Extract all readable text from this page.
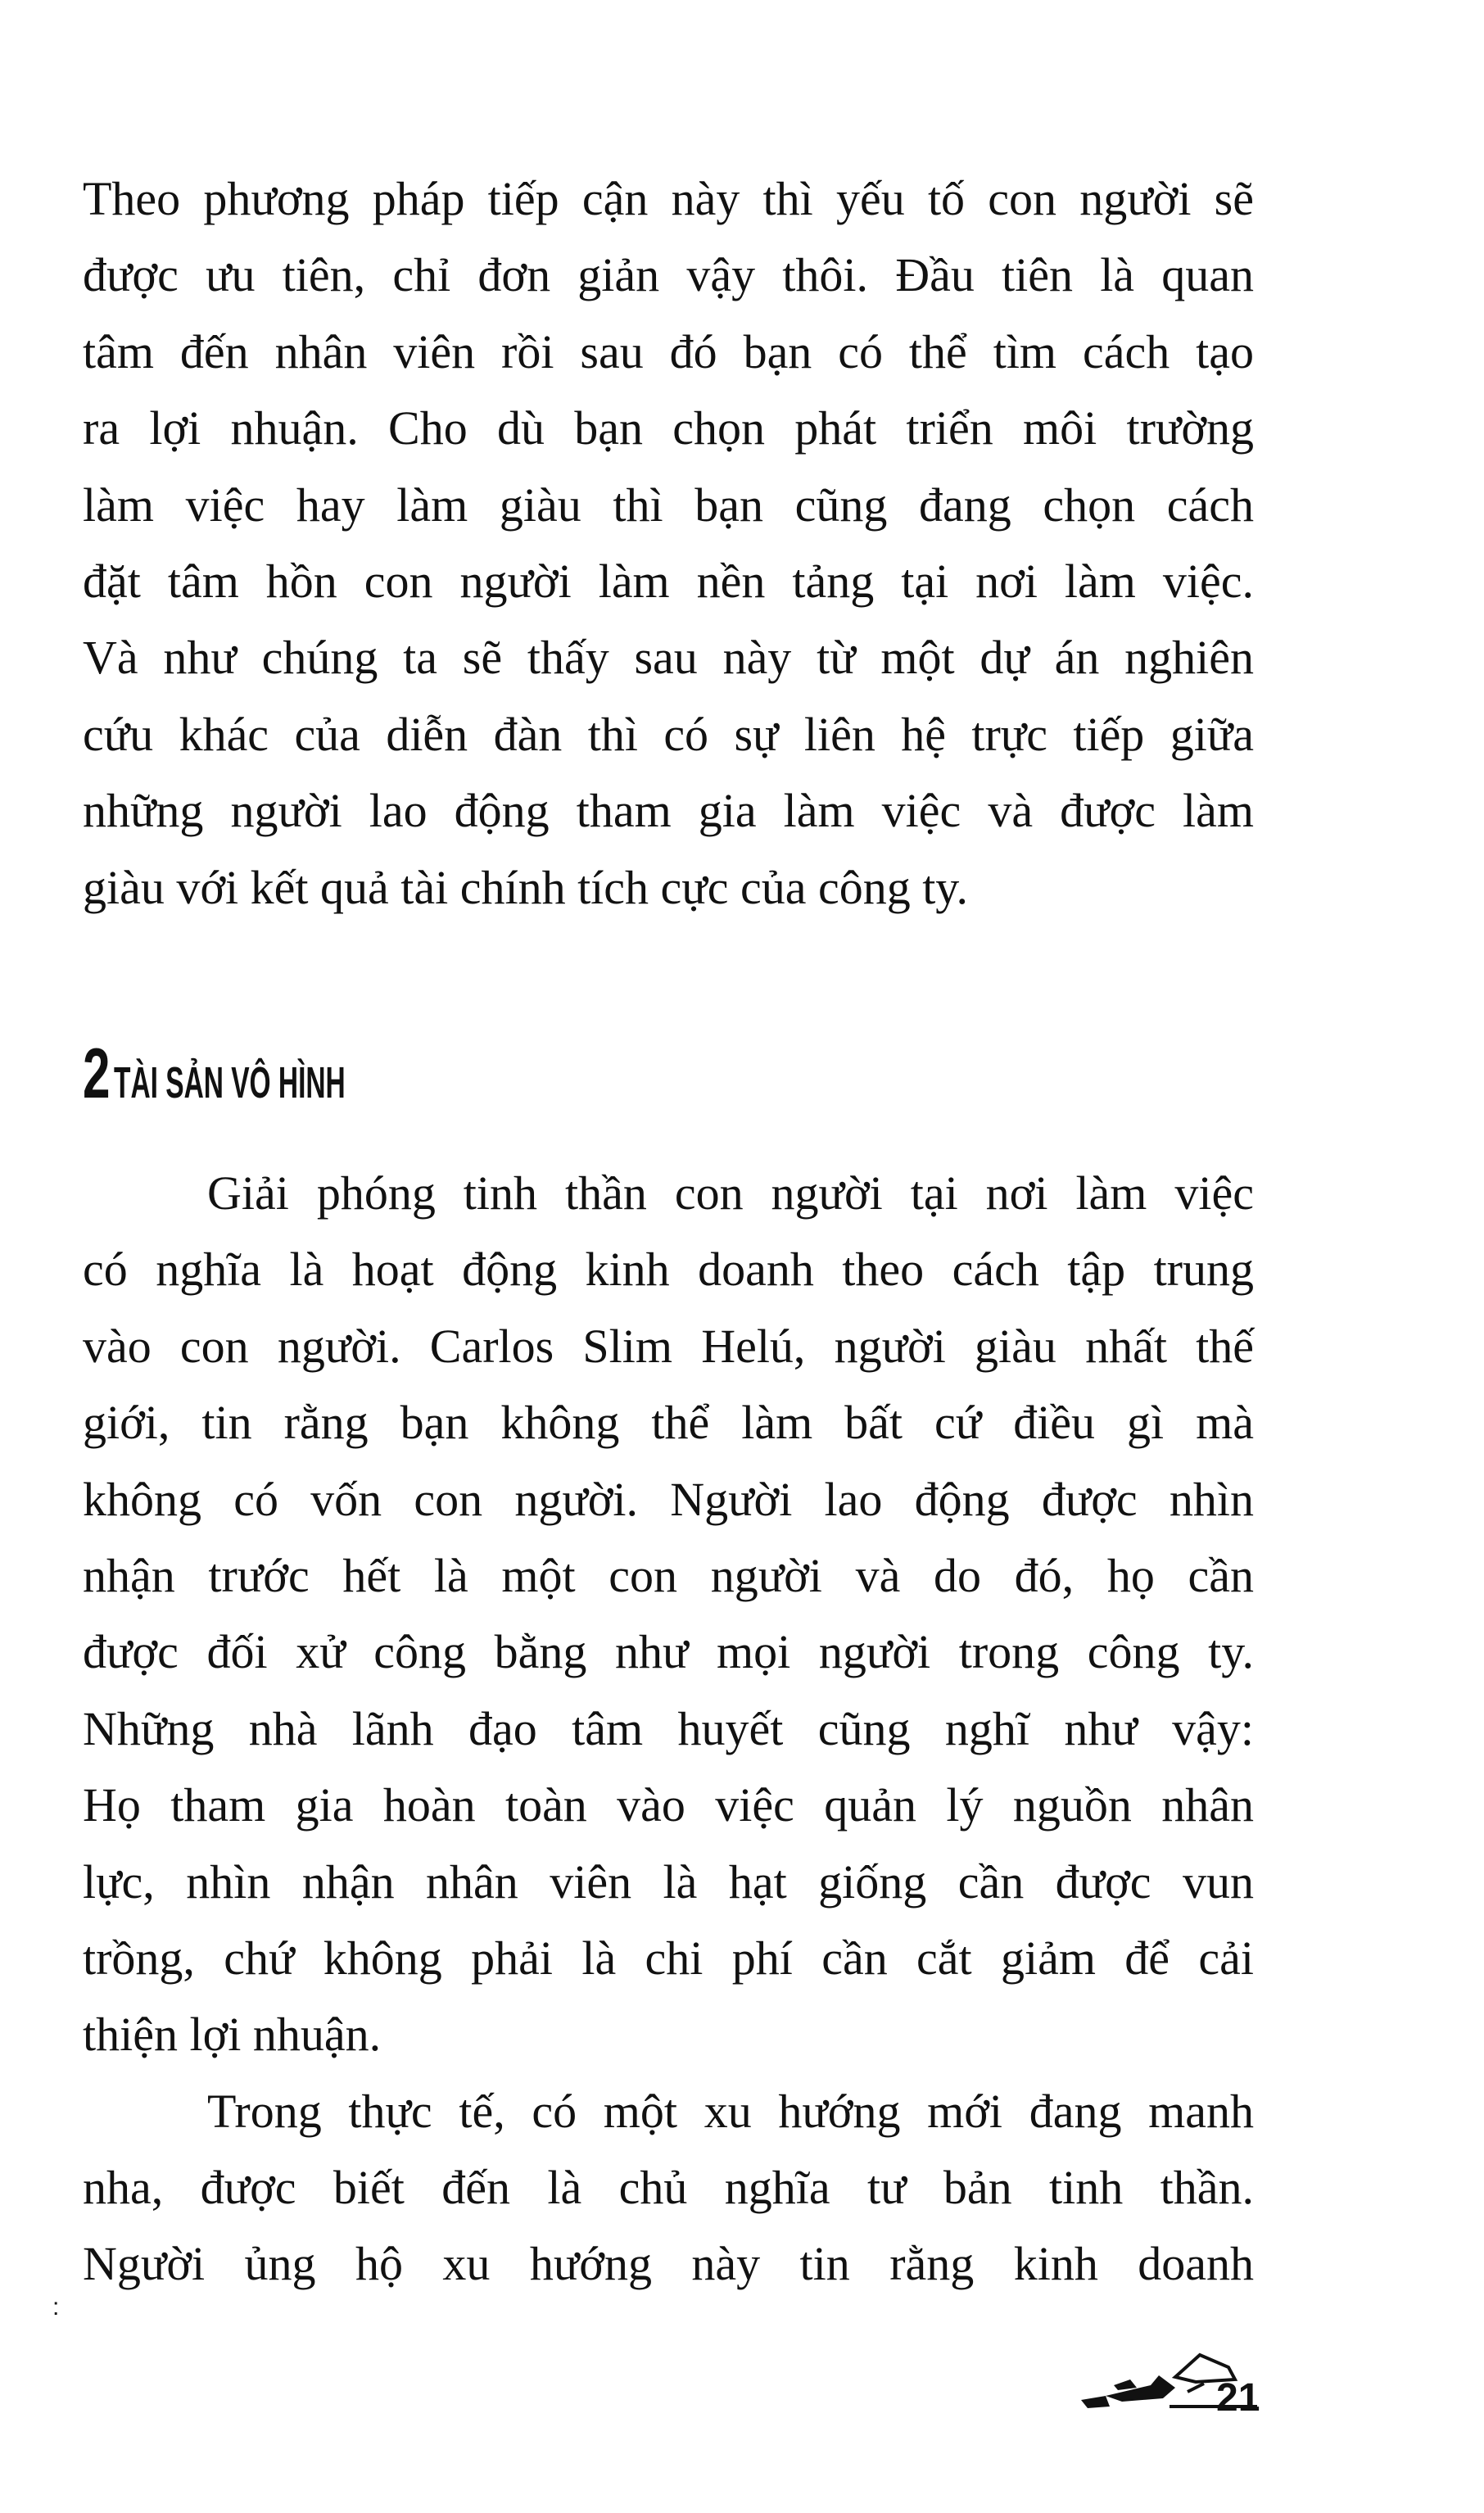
Theo phương pháp tiếp cận này thì yếu tố con người sẽ
được ưu tiên, chỉ đơn giản vậy thôi. Đầu tiên là quan
tâm đến nhân viên rồi sau đó bạn có thể tìm cách tạo
ra lợi nhuận. Cho dù bạn chọn phát triển môi trường
làm việc hay làm giàu thì bạn cũng đang chọn cách
đặt tâm hồn con người làm nền tảng tại nơi làm việc.
Và như chúng ta sẽ thấy sau này từ một dự án nghiên
cứu khác của diễn đàn thì có sự liên hệ trực tiếp giữa
những người lao động tham gia làm việc và được làm
giàu với kết quả tài chính tích cực của công ty.
2 TÀI SẢN VÔ HÌNH
Giải phóng tinh thần con người tại nơi làm việc
có nghĩa là hoạt động kinh doanh theo cách tập trung
vào con người. Carlos Slim Helú, người giàu nhất thế
giới, tin rằng bạn không thể làm bất cứ điều gì mà
không có vốn con người. Người lao động được nhìn
nhận trước hết là một con người và do đó, họ cần
được đối xử công bằng như mọi người trong công ty.
Những nhà lãnh đạo tâm huyết cũng nghĩ như vậy:
Họ tham gia hoàn toàn vào việc quản lý nguồn nhân
lực, nhìn nhận nhân viên là hạt giống cần được vun
trồng, chứ không phải là chi phí cần cắt giảm để cải
thiện lợi nhuận.
Trong thực tế, có một xu hướng mới đang manh
nha, được biết đến là chủ nghĩa tư bản tinh thần.
Người ủng hộ xu hướng này tin rằng kinh doanh
:
21
